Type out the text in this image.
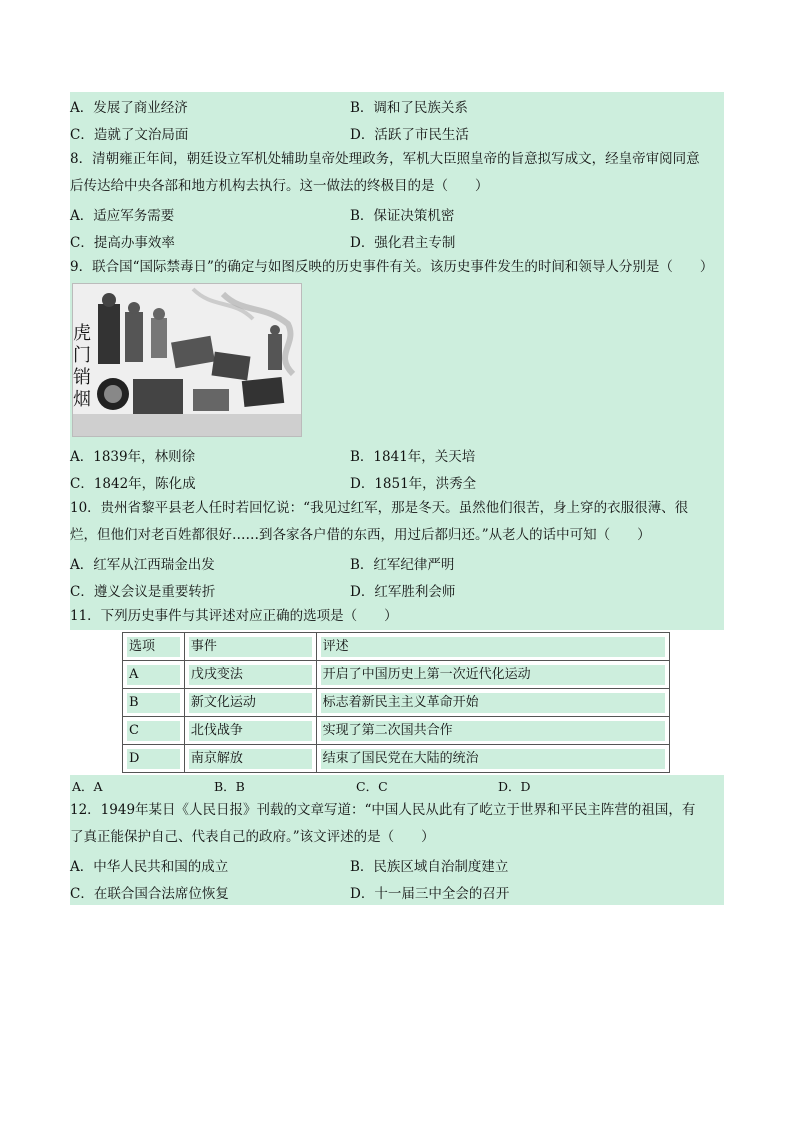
A．发展了商业经济	B．调和了民族关系
C．造就了文治局面	D．活跃了市民生活

8．清朝雍正年间，朝廷设立军机处辅助皇帝处理政务，军机大臣照皇帝的旨意拟写成文，经皇帝审阅同意

后传达给中央各部和地方机构去执行。这一做法的终极目的是（　　）

A．适应军务需要	B．保证决策机密
C．提高办事效率	D．强化君主专制

9．联合国“国际禁毒日”的确定与如图反映的历史事件有关。该历史事件发生的时间和领导人分别是（　　）

虎
门
销
烟
A．1839年，林则徐	B．1841年，关天培
C．1842年，陈化成	D．1851年，洪秀全

10．贵州省黎平县老人任时若回忆说：“我见过红军，那是冬天。虽然他们很苦，身上穿的衣服很薄、很

烂，但他们对老百姓都很好……到各家各户借的东西，用过后都归还。”从老人的话中可知（　　）

A．红军从江西瑞金出发	B．红军纪律严明
C．遵义会议是重要转折	D．红军胜利会师

11．下列历史事件与其评述对应正确的选项是（　　）

选项	事件	评述

A	戊戌变法	开启了中国历史上第一次近代化运动

B	新文化运动	标志着新民主主义革命开始

C	北伐战争	实现了第二次国共合作

D	南京解放	结束了国民党在大陆的统治
A．A	B．B	C．C	D．D

12．1949年某日《人民日报》刊载的文章写道：“中国人民从此有了屹立于世界和平民主阵营的祖国，有

了真正能保护自己、代表自己的政府。”该文评述的是（　　）

A．中华人民共和国的成立	B．民族区域自治制度建立
C．在联合国合法席位恢复	D．十一届三中全会的召开
